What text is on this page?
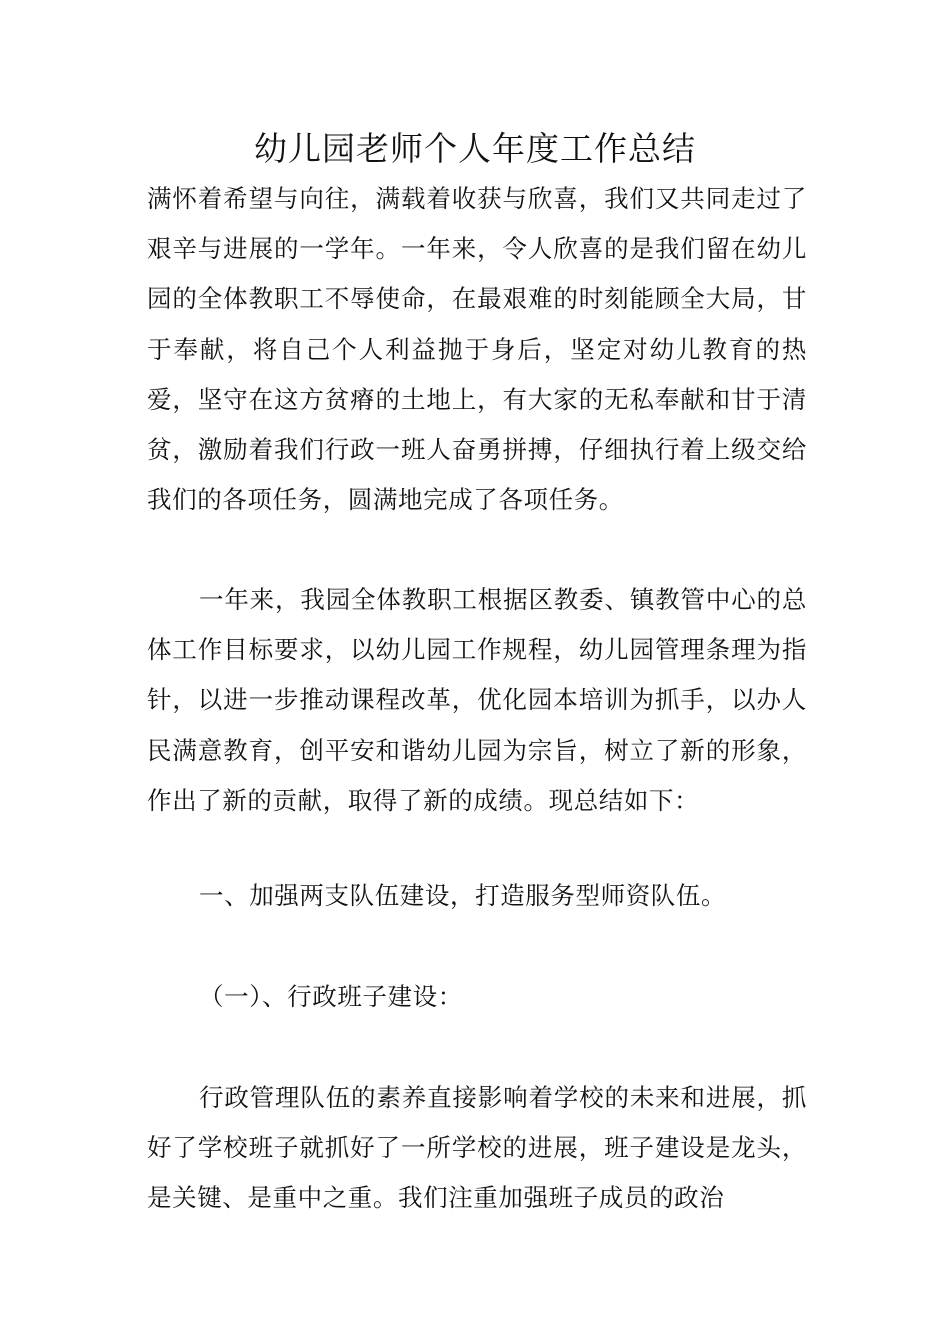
幼儿园老师个人年度工作总结

满怀着希望与向往，满载着收获与欣喜，我们又共同走过了艰辛与进展的一学年。一年来，令人欣喜的是我们留在幼儿园的全体教职工不辱使命，在最艰难的时刻能顾全大局，甘于奉献，将自己个人利益抛于身后，坚定对幼儿教育的热爱，坚守在这方贫瘠的土地上，有大家的无私奉献和甘于清贫，激励着我们行政一班人奋勇拼搏，仔细执行着上级交给我们的各项任务，圆满地完成了各项任务。

一年来，我园全体教职工根据区教委、镇教管中心的总体工作目标要求，以幼儿园工作规程，幼儿园管理条理为指针，以进一步推动课程改革，优化园本培训为抓手，以办人民满意教育，创平安和谐幼儿园为宗旨，树立了新的形象，作出了新的贡献，取得了新的成绩。现总结如下：

一、加强两支队伍建设，打造服务型师资队伍。

（一）、行政班子建设：

行政管理队伍的素养直接影响着学校的未来和进展，抓好了学校班子就抓好了一所学校的进展，班子建设是龙头，是关键、是重中之重。我们注重加强班子成员的政治
